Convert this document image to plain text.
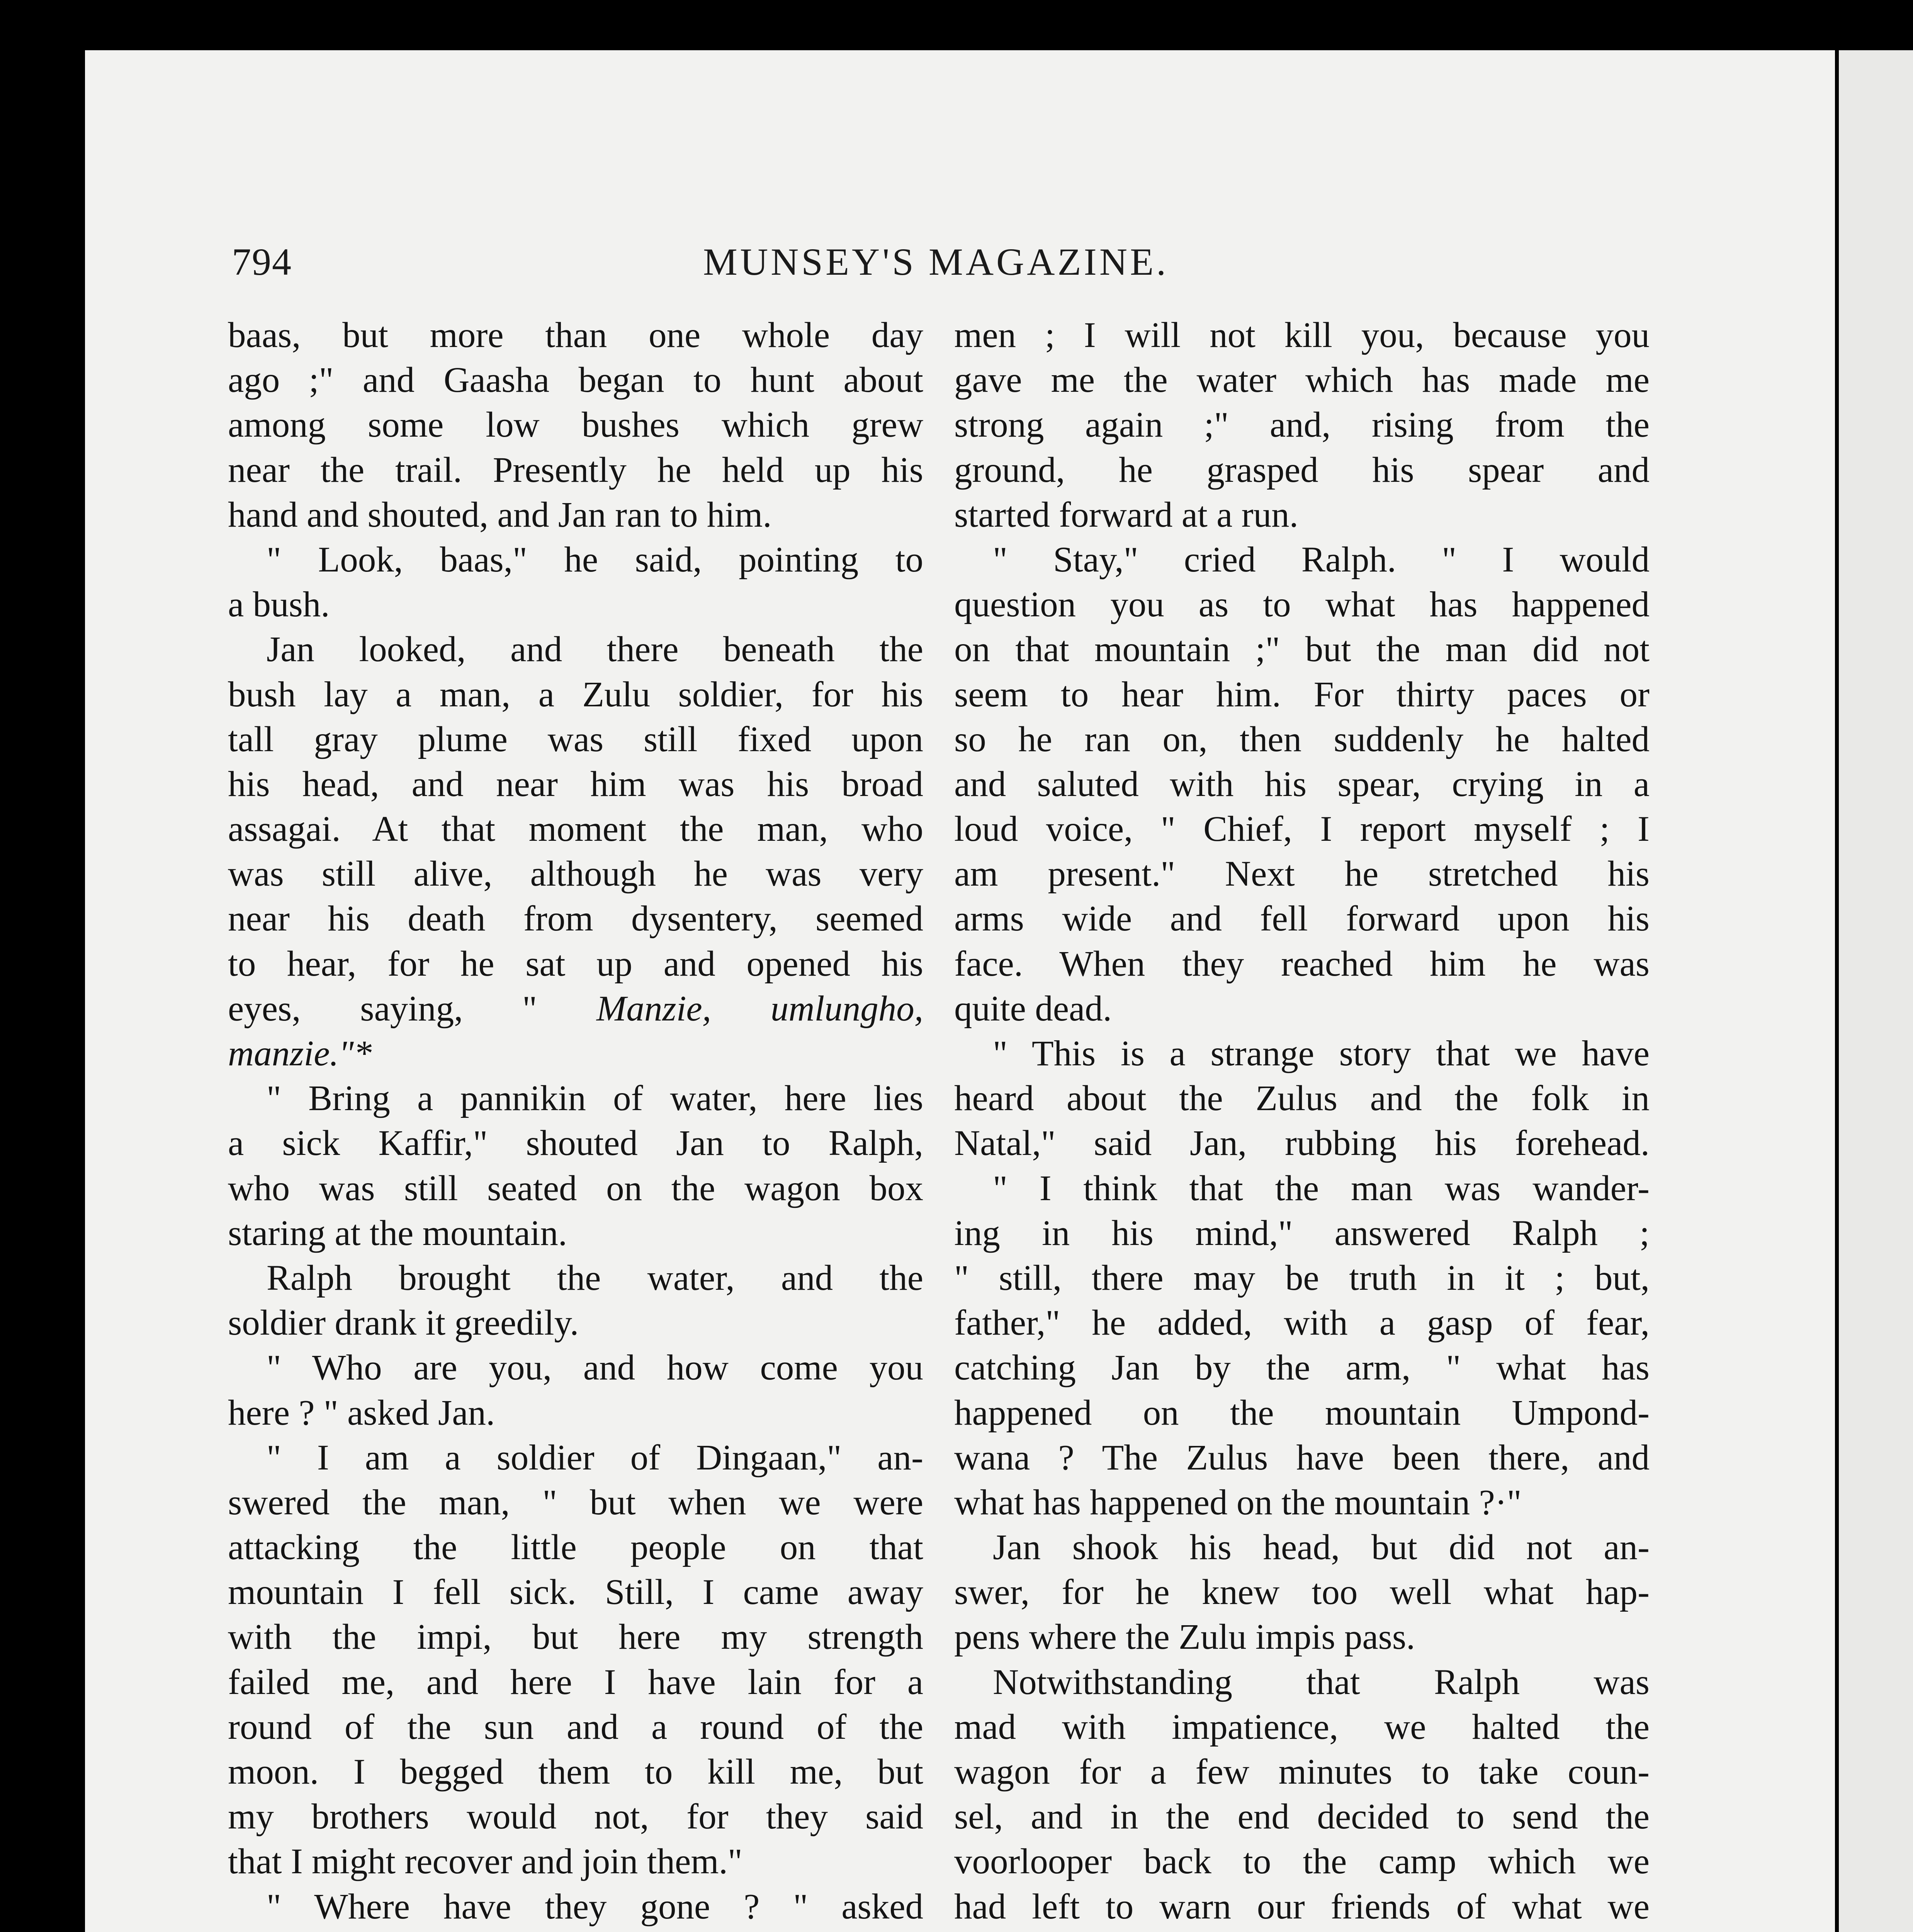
794	MUNSEY'S MAGAZINE.
baas, but more than one whole day
ago ;" and Gaasha began to hunt about
among some low bushes which grew
near the trail. Presently he held up his
hand and shouted, and Jan ran to him.
" Look, baas," he said, pointing to
a bush.
Jan looked, and there beneath the
bush lay a man, a Zulu soldier, for his
tall gray plume was still fixed upon
his head, and near him was his broad
assagai. At that moment the man, who
was still alive, although he was very
near his death from dysentery, seemed
to hear, for he sat up and opened his
eyes, saying, " Manzie, umlungho,
manzie."*
" Bring a pannikin of water, here lies
a sick Kaffir," shouted Jan to Ralph,
who was still seated on the wagon box
staring at the mountain.
Ralph brought the water, and the
soldier drank it greedily.
" Who are you, and how come you
here ? " asked Jan.
" I am a soldier of Dingaan," an-
swered the man, " but when we were
attacking the little people on that
mountain I fell sick. Still, I came away
with the impi, but here my strength
failed me, and here I have lain for a
round of the sun and a round of the
moon. I begged them to kill me, but
my brothers would not, for they said
that I might recover and join them."
" Where have they gone ? " asked
men ; I will not kill you, because you
gave me the water which has made me
strong again ;" and, rising from the
ground, he grasped his spear and
started forward at a run.
" Stay," cried Ralph. " I would
question you as to what has happened
on that mountain ;" but the man did not
seem to hear him. For thirty paces or
so he ran on, then suddenly he halted
and saluted with his spear, crying in a
loud voice, " Chief, I report myself ; I
am present." Next he stretched his
arms wide and fell forward upon his
face. When they reached him he was
quite dead.
" This is a strange story that we have
heard about the Zulus and the folk in
Natal," said Jan, rubbing his forehead.
" I think that the man was wander-
ing in his mind," answered Ralph ;
" still, there may be truth in it ; but,
father," he added, with a gasp of fear,
catching Jan by the arm, " what has
happened on the mountain Umpond-
wana ? The Zulus have been there, and
what has happened on the mountain ?·"
Jan shook his head, but did not an-
swer, for he knew too well what hap-
pens where the Zulu impis pass.
Notwithstanding that Ralph was
mad with impatience, we halted the
wagon for a few minutes to take coun-
sel, and in the end decided to send the
voorlooper back to the camp which we
had left to warn our friends of what we
